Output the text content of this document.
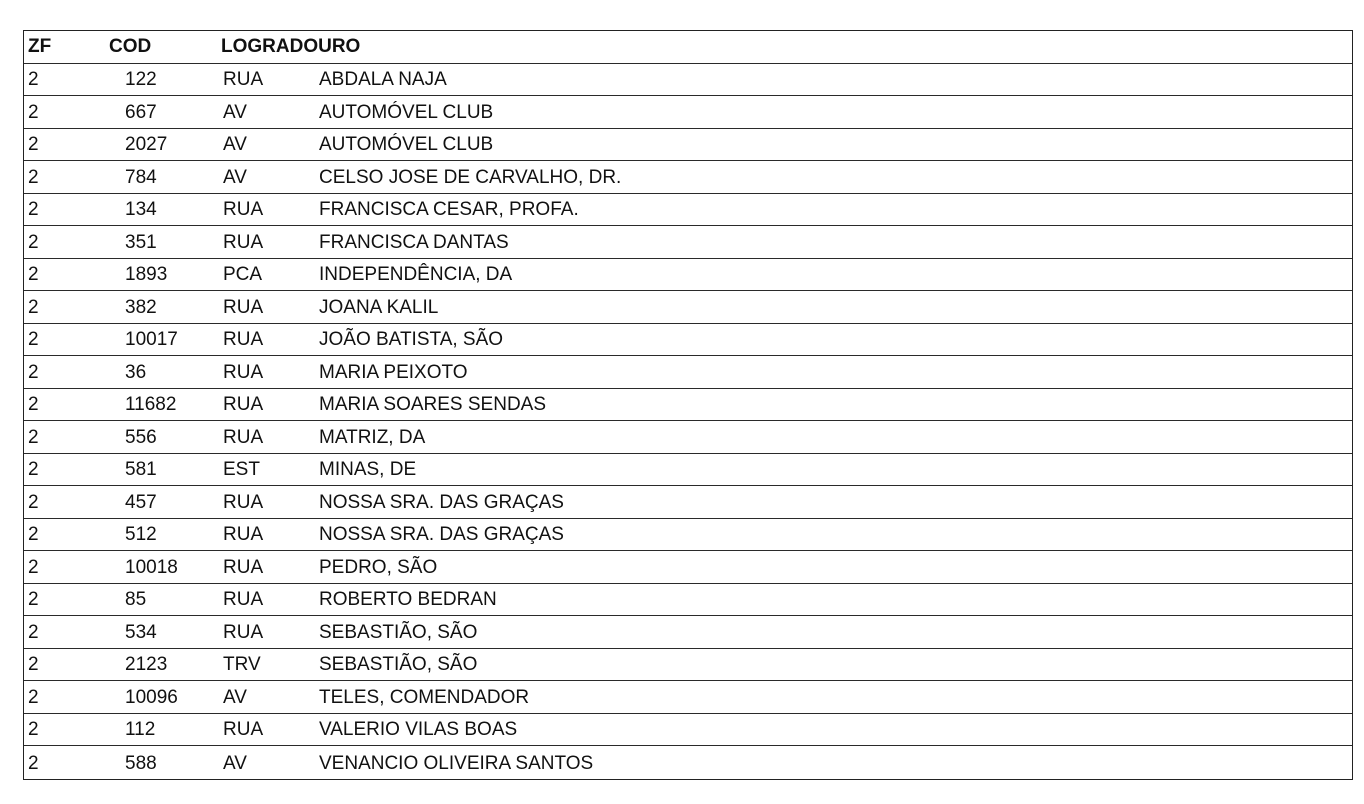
ZF	COD	LOGRADOURO
2	122	RUA	ABDALA NAJA
2	667	AV	AUTOMÓVEL CLUB
2	2027	AV	AUTOMÓVEL CLUB
2	784	AV	CELSO JOSE DE CARVALHO, DR.
2	134	RUA	FRANCISCA CESAR, PROFA.
2	351	RUA	FRANCISCA DANTAS
2	1893	PCA	INDEPENDÊNCIA, DA
2	382	RUA	JOANA KALIL
2	10017 RUA	JOÃO BATISTA, SÃO
2	36	RUA	MARIA PEIXOTO
2	11682 RUA	MARIA SOARES SENDAS
2	556	RUA	MATRIZ, DA
2	581	EST	MINAS, DE
2	457	RUA	NOSSA SRA. DAS GRAÇAS
2	512	RUA	NOSSA SRA. DAS GRAÇAS
2	10018 RUA	PEDRO, SÃO
2	85	RUA	ROBERTO BEDRAN
2	534	RUA	SEBASTIÃO, SÃO
2	2123	TRV	SEBASTIÃO, SÃO
2	10096 AV	TELES, COMENDADOR
2	112	RUA	VALERIO VILAS BOAS
2	588	AV	VENANCIO OLIVEIRA SANTOS
